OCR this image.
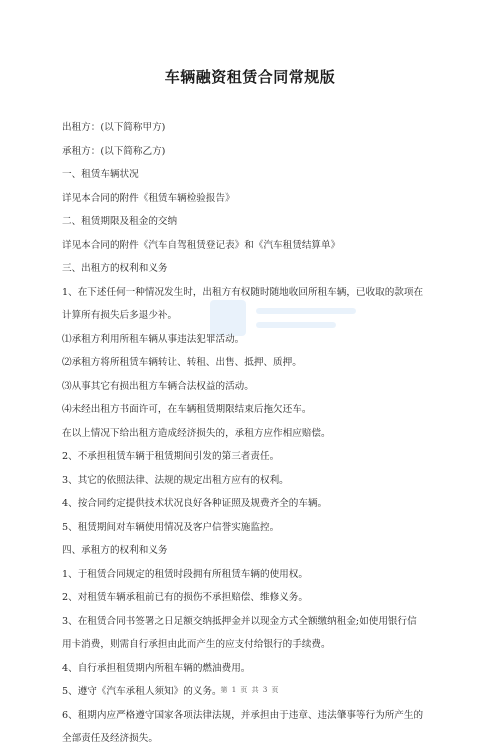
车辆融资租赁合同常规版
出租方：(以下简称甲方)
承租方：(以下简称乙方)
一、租赁车辆状况
详见本合同的附件《租赁车辆检验报告》
二、租赁期限及租金的交纳
详见本合同的附件《汽车自驾租赁登记表》和《汽车租赁结算单》
三、出租方的权利和义务
1、在下述任何一种情况发生时，出租方有权随时随地收回所租车辆，已收取的款项在
计算所有损失后多退少补。
⑴承租方利用所租车辆从事违法犯罪活动。
⑵承租方将所租赁车辆转让、转租、出售、抵押、质押。
⑶从事其它有损出租方车辆合法权益的活动。
⑷未经出租方书面许可，在车辆租赁期限结束后拖欠还车。
在以上情况下给出租方造成经济损失的，承租方应作相应赔偿。
2、不承担租赁车辆于租赁期间引发的第三者责任。
3、其它的依照法律、法规的规定出租方应有的权利。
4、按合同约定提供技术状况良好各种证照及规费齐全的车辆。
5、租赁期间对车辆使用情况及客户信誉实施监控。
四、承租方的权利和义务
1、于租赁合同规定的租赁时段拥有所租赁车辆的使用权。
2、对租赁车辆承租前已有的损伤不承担赔偿、维修义务。
3、在租赁合同书签署之日足额交纳抵押金并以现金方式全额缴纳租金;如使用银行信
用卡消费，则需自行承担由此而产生的应支付给银行的手续费。
4、自行承担租赁期内所租车辆的燃油费用。
5、遵守《汽车承租人须知》的义务。
6、租期内应严格遵守国家各项法律法规，并承担由于违章、违法肇事等行为所产生的
全部责任及经济损失。
第 1 页 共 3 页
